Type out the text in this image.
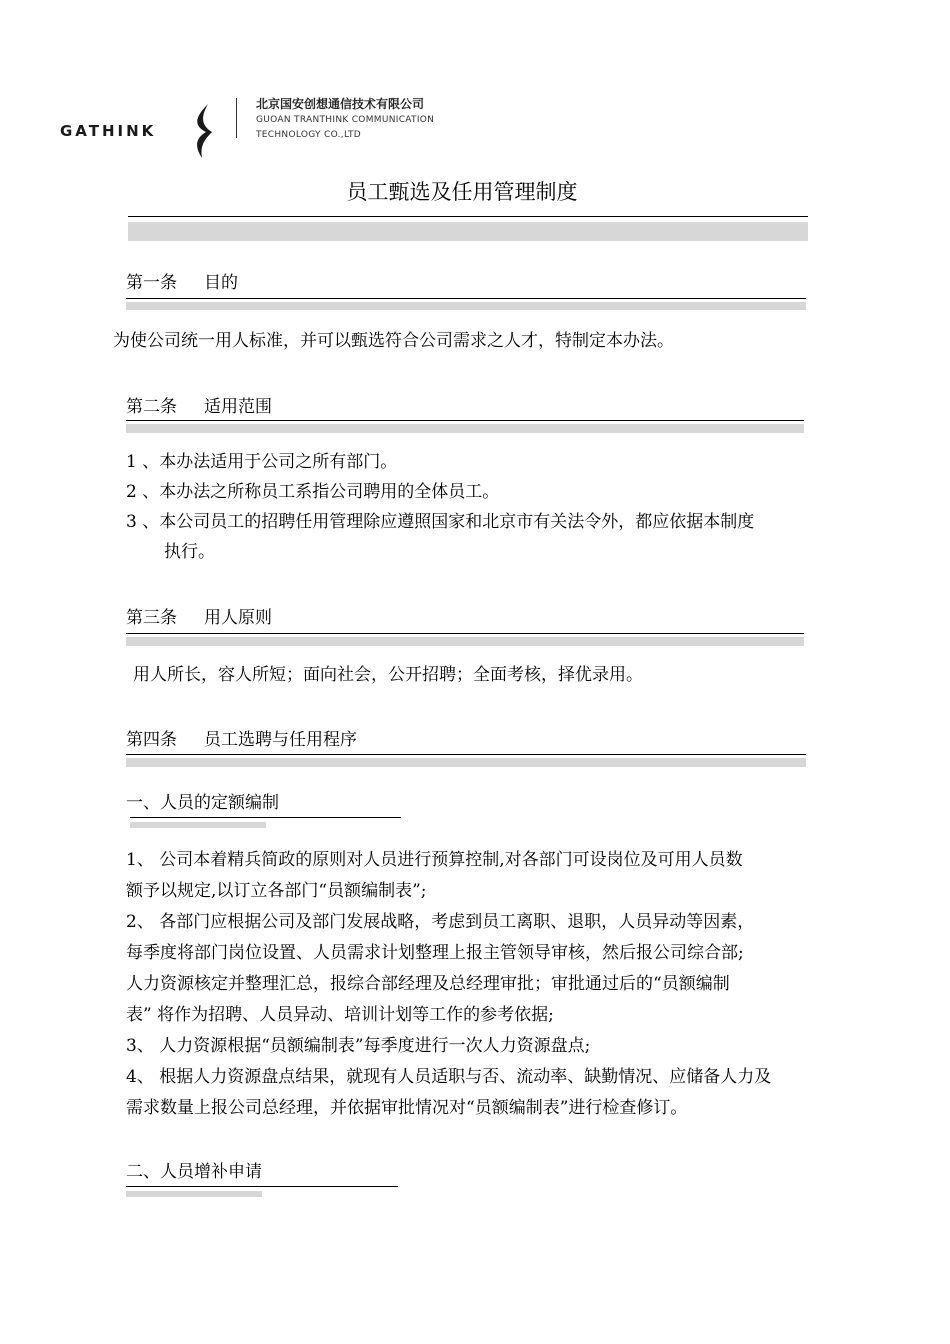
GATHINK
北京国安创想通信技术有限公司
GUOAN TRANTHINK COMMUNICATION
TECHNOLOGY CO.,LTD
员工甄选及任用管理制度
第一条 目的
为使公司统一用人标准，并可以甄选符合公司需求之人才，特制定本办法。
第二条 适用范围
1 、本办法适用于公司之所有部门。
2 、本办法之所称员工系指公司聘用的全体员工。
3 、本公司员工的招聘任用管理除应遵照国家和北京市有关法令外，都应依据本制度
执行。
第三条 用人原则
用人所长，容人所短；面向社会，公开招聘；全面考核，择优录用。
第四条 员工选聘与任用程序
一、人员的定额编制
1、 公司本着精兵简政的原则对人员进行预算控制,对各部门可设岗位及可用人员数
额予以规定,以订立各部门“员额编制表”;
2、 各部门应根据公司及部门发展战略，考虑到员工离职、退职，人员异动等因素，
每季度将部门岗位设置、人员需求计划整理上报主管领导审核，然后报公司综合部;
人力资源核定并整理汇总，报综合部经理及总经理审批；审批通过后的“员额编制
表” 将作为招聘、人员异动、培训计划等工作的参考依据;
3、 人力资源根据“员额编制表”每季度进行一次人力资源盘点;
4、 根据人力资源盘点结果，就现有人员适职与否、流动率、缺勤情况、应储备人力及
需求数量上报公司总经理，并依据审批情况对“员额编制表”进行检查修订。
二、人员增补申请
